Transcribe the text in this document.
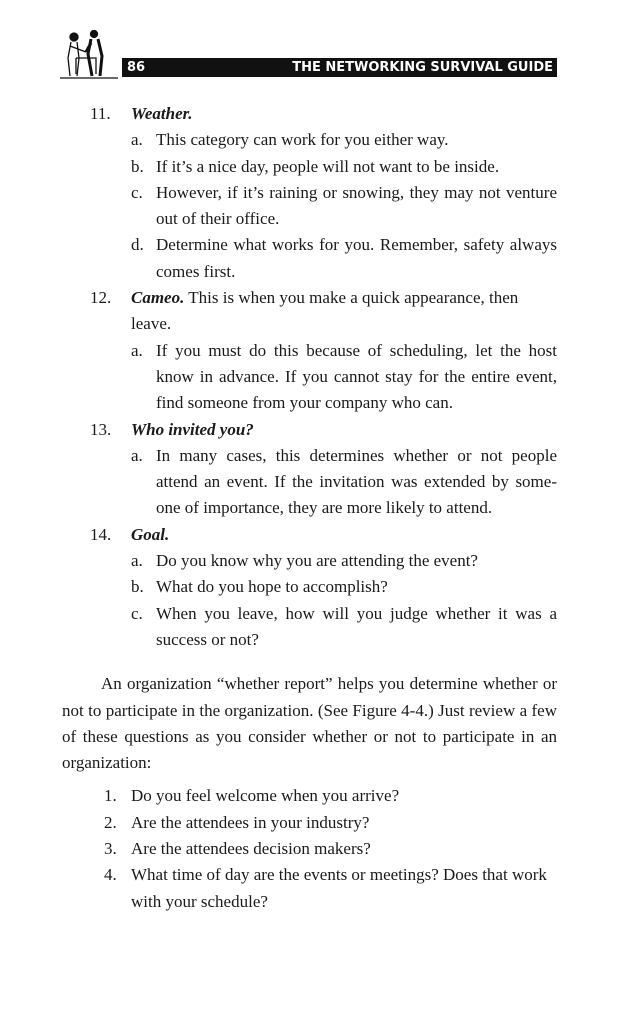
86	THE NETWORKING SURVIVAL GUIDE
11.	Weather.
a. This category can work for you either way.
b. If it’s a nice day, people will not want to be inside.
c. However, if it’s raining or snowing, they may not venture out of their office.
d. Determine what works for you. Remember, safety always comes first.
12.	Cameo. This is when you make a quick appearance, then leave.
a. If you must do this because of scheduling, let the host know in advance. If you cannot stay for the entire event, find someone from your company who can.
13.	Who invited you?
a. In many cases, this determines whether or not people attend an event. If the invitation was extended by some-one of importance, they are more likely to attend.
14.	Goal.
a. Do you know why you are attending the event?
b. What do you hope to accomplish?
c. When you leave, how will you judge whether it was a success or not?

An organization “whether report” helps you determine whether or not to participate in the organization. (See Figure 4-4.) Just review a few of these questions as you consider whether or not to participate in an organization:

1. Do you feel welcome when you arrive?
2. Are the attendees in your industry?
3. Are the attendees decision makers?
4. What time of day are the events or meetings? Does that work with your schedule?
